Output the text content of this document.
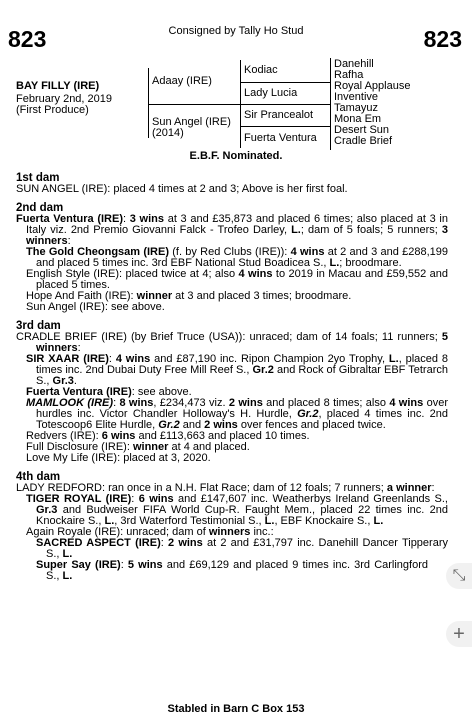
823	Consigned by Tally Ho Stud	823
BAY FILLY (IRE)
February 2nd, 2019
(First Produce)
Adaay (IRE)
Sun Angel (IRE)
(2014)
Kodiac
Lady Lucia
Sir Prancealot
Fuerta Ventura
Danehill
Rafha
Royal Applause
Inventive
Tamayuz
Mona Em
Desert Sun
Cradle Brief
E.B.F. Nominated.
1st dam

SUN ANGEL (IRE): placed 4 times at 2 and 3; Above is her first foal.

2nd dam

Fuerta Ventura (IRE): 3 wins at 3 and £35,873 and placed 6 times; also placed at 3 in Italy viz. 2nd Premio Giovanni Falck - Trofeo Darley, L.; dam of 5 foals; 5 runners; 3 winners:

The Gold Cheongsam (IRE) (f. by Red Clubs (IRE)): 4 wins at 2 and 3 and £288,199 and placed 5 times inc. 3rd EBF National Stud Boadicea S., L.; broodmare.

English Style (IRE): placed twice at 4; also 4 wins to 2019 in Macau and £59,552 and placed 5 times.

Hope And Faith (IRE): winner at 3 and placed 3 times; broodmare.

Sun Angel (IRE): see above.

3rd dam

CRADLE BRIEF (IRE) (by Brief Truce (USA)): unraced; dam of 14 foals; 11 runners; 5 winners:

SIR XAAR (IRE): 4 wins and £87,190 inc. Ripon Champion 2yo Trophy, L., placed 8 times inc. 2nd Dubai Duty Free Mill Reef S., Gr.2 and Rock of Gibraltar EBF Tetrarch S., Gr.3.

Fuerta Ventura (IRE): see above.

MAMLOOK (IRE): 8 wins, £234,473 viz. 2 wins and placed 8 times; also 4 wins over hurdles inc. Victor Chandler Holloway's H. Hurdle, Gr.2, placed 4 times inc. 2nd Totescoop6 Elite Hurdle, Gr.2 and 2 wins over fences and placed twice.

Redvers (IRE): 6 wins and £113,663 and placed 10 times.

Full Disclosure (IRE): winner at 4 and placed.

Love My Life (IRE): placed at 3, 2020.

4th dam

LADY REDFORD: ran once in a N.H. Flat Race; dam of 12 foals; 7 runners; a winner:

TIGER ROYAL (IRE): 6 wins and £147,607 inc. Weatherbys Ireland Greenlands S., Gr.3 and Budweiser FIFA World Cup-R. Faught Mem., placed 22 times inc. 2nd Knockaire S., L., 3rd Waterford Testimonial S., L., EBF Knockaire S., L.

Again Royale (IRE): unraced; dam of winners inc.:

SACRED ASPECT (IRE): 2 wins at 2 and £31,797 inc. Danehill Dancer Tipperary S., L.

Super Say (IRE): 5 wins and £69,129 and placed 9 times inc. 3rd Carlingford S., L.

Stabled in Barn C Box 153
⤡
+
